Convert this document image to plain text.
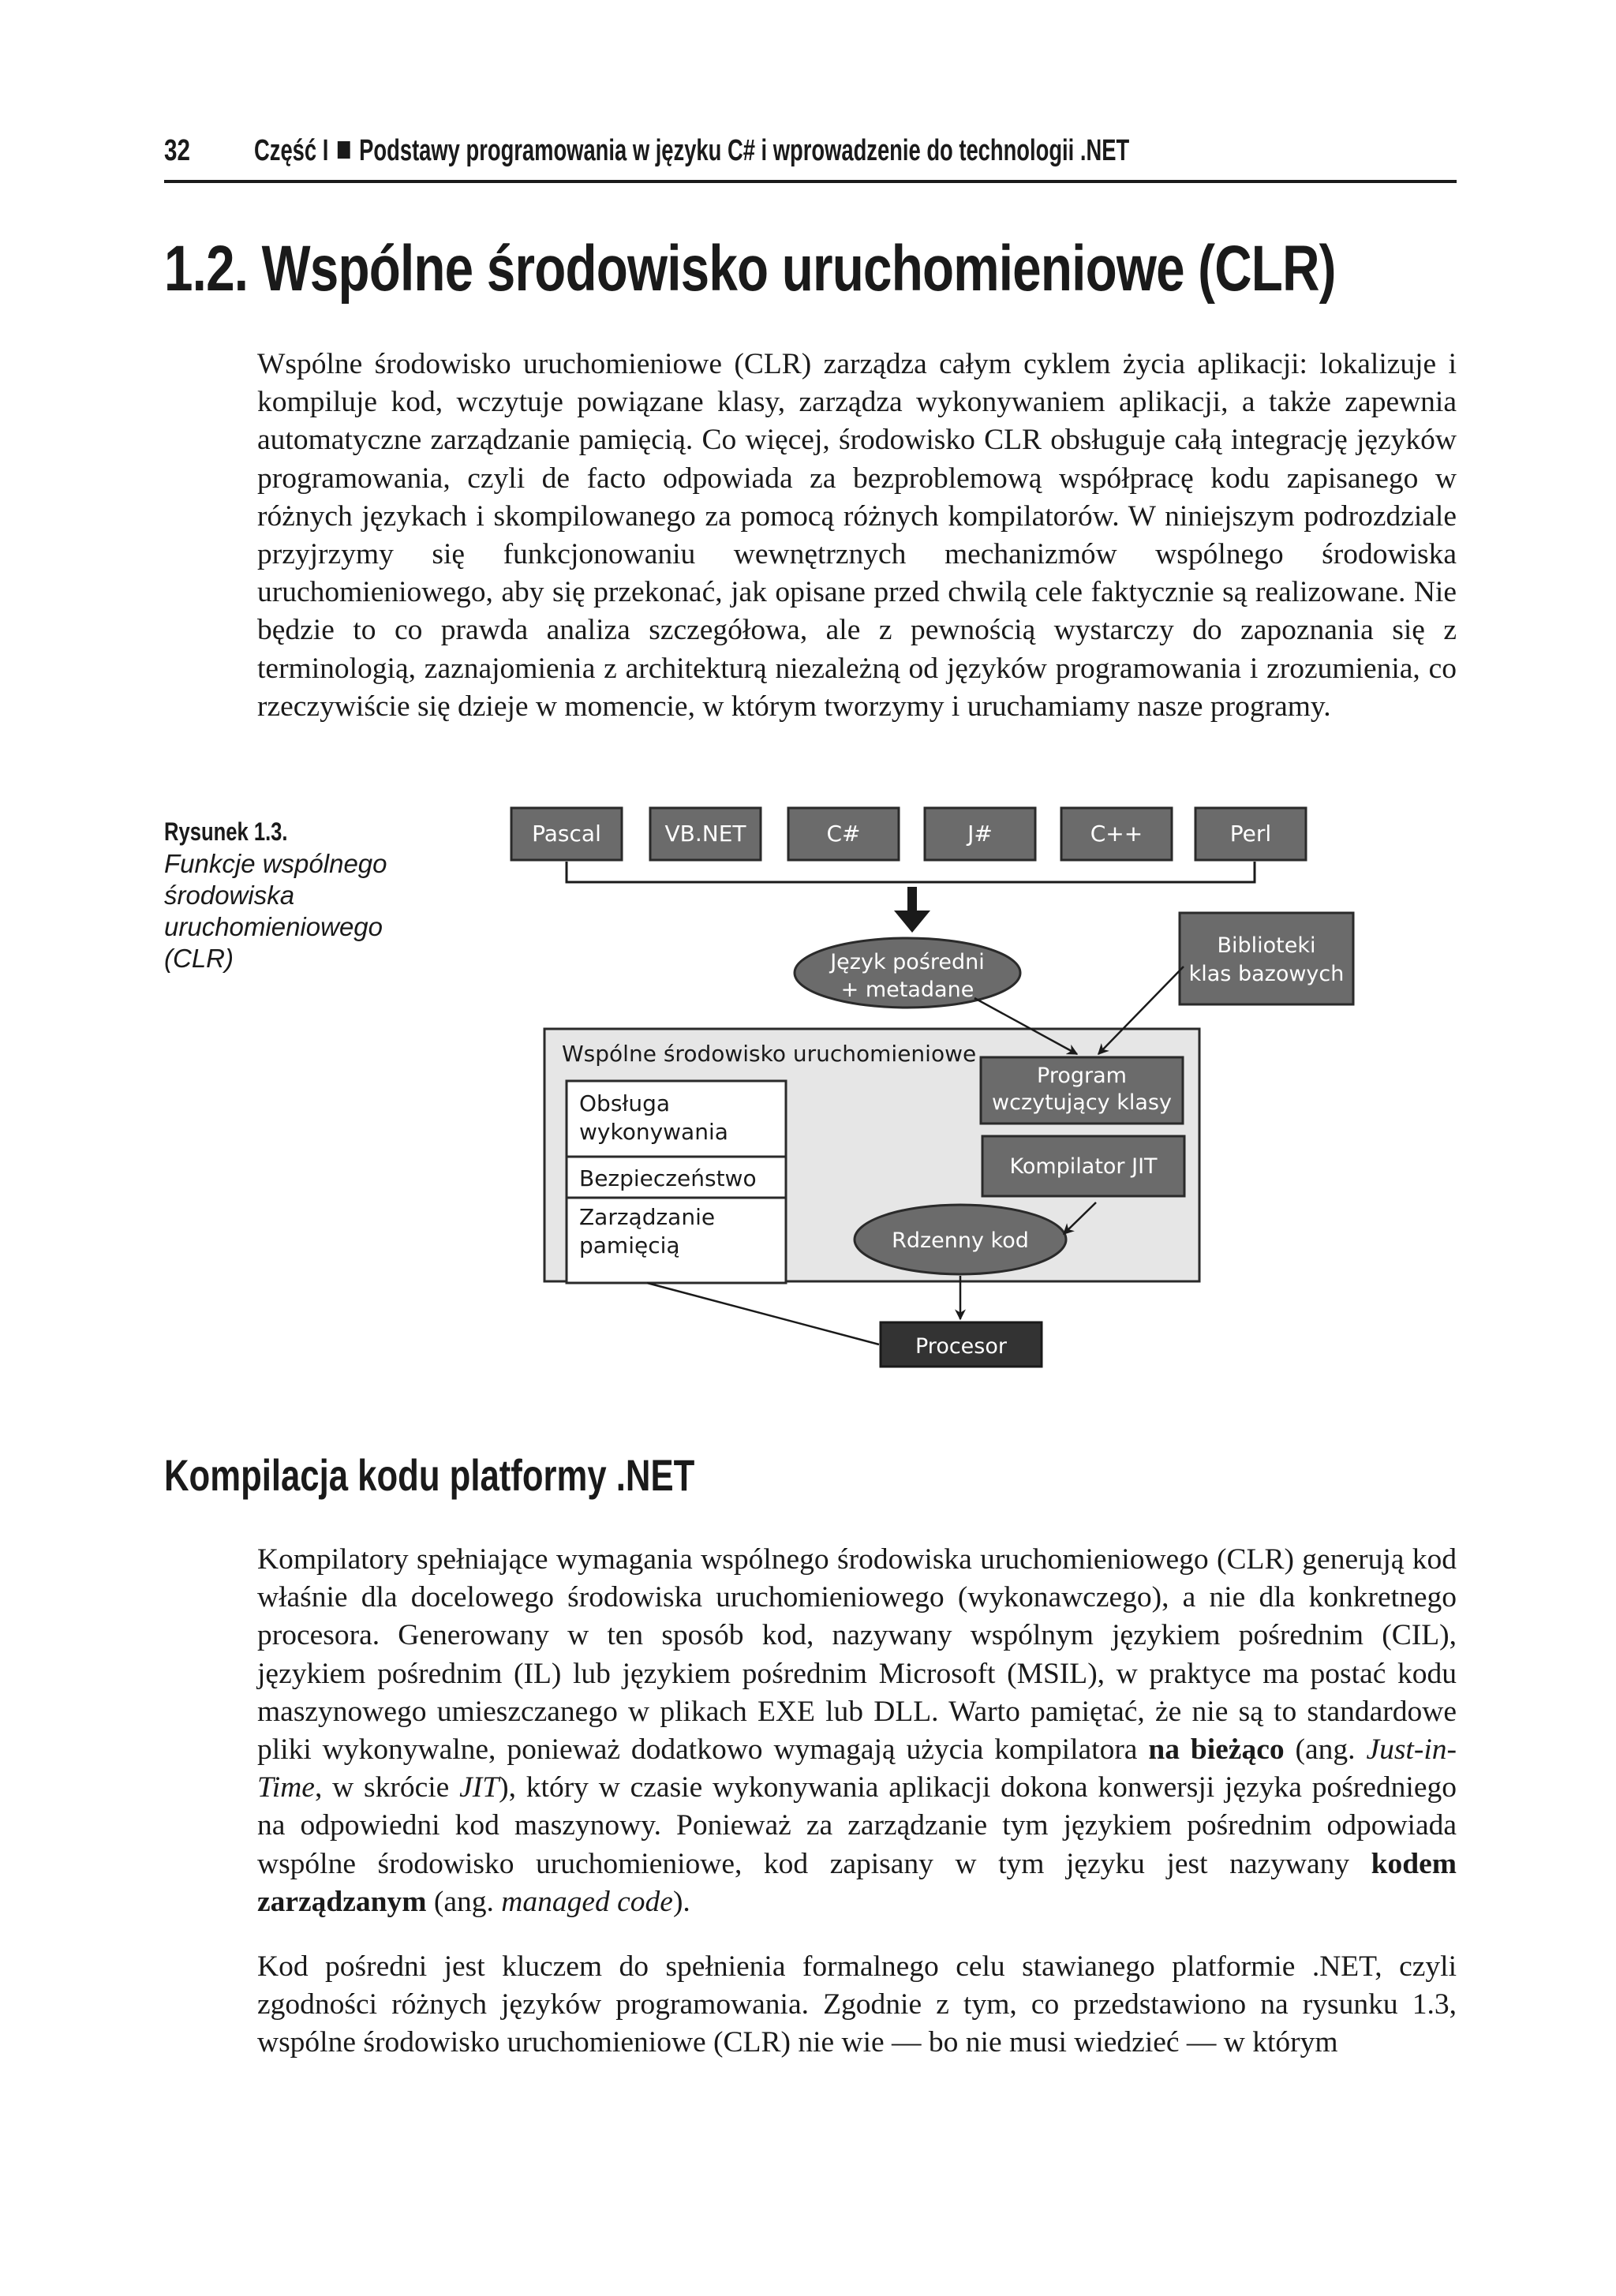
32 Część I Podstawy programowania w języku C# i wprowadzenie do technologii .NET
1.2. Wspólne środowisko uruchomieniowe (CLR)

Wspólne środowisko uruchomieniowe (CLR) zarządza całym cyklem życia aplikacji: lokalizuje i kompiluje kod, wczytuje powiązane klasy, zarządza wykonywaniem aplikacji, a także zapewnia automatyczne zarządzanie pamięcią. Co więcej, środowisko CLR obsługuje całą integrację języków programowania, czyli de facto odpowiada za bezproblemową współpracę kodu zapisanego w różnych językach i skompilowanego za pomocą różnych kompilatorów. W niniejszym podrozdziale przyjrzymy się funkcjonowaniu wewnętrznych mechanizmów wspólnego środowiska uruchomieniowego, aby się przekonać, jak opisane przed chwilą cele faktycznie są realizowane. Nie będzie to co prawda analiza szczegółowa, ale z pewnością wystarczy do zapoznania się z terminologią, zaznajomienia z architekturą niezależną od języków programowania i zrozumienia, co rzeczywiście się dzieje w momencie, w którym tworzymy i uruchamiamy nasze programy.

Rysunek 1.3.
Funkcje wspólnego środowiska uruchomieniowego (CLR)
Pascal	VB.NET	C#	J#	C++	Perl
Język pośredni
+ metadane
Biblioteki
klas bazowych
Wspólne środowisko uruchomieniowe
Obsługa
wykonywania
Bezpieczeństwo
Zarządzanie
pamięcią
Program
wczytujący klasy
Kompilator JIT
Rdzenny kod
Procesor
Kompilacja kodu platformy .NET

Kompilatory spełniające wymagania wspólnego środowiska uruchomieniowego (CLR) generują kod właśnie dla docelowego środowiska uruchomieniowego (wykonawczego), a nie dla konkretnego procesora. Generowany w ten sposób kod, nazywany wspólnym językiem pośrednim (CIL), językiem pośrednim (IL) lub językiem pośrednim Microsoft (MSIL), w praktyce ma postać kodu maszynowego umieszczanego w plikach EXE lub DLL. Warto pamiętać, że nie są to standardowe pliki wykonywalne, ponieważ dodatkowo wymagają użycia kompilatora na bieżąco (ang. Just-in-Time, w skrócie JIT), który w czasie wykonywania aplikacji dokona konwersji języka pośredniego na odpowiedni kod maszynowy. Ponieważ za zarządzanie tym językiem pośrednim odpowiada wspólne środowisko uruchomieniowe, kod zapisany w tym języku jest nazywany kodem zarządzanym (ang. managed code).

Kod pośredni jest kluczem do spełnienia formalnego celu stawianego platformie .NET, czyli zgodności różnych języków programowania. Zgodnie z tym, co przedstawiono na rysunku 1.3, wspólne środowisko uruchomieniowe (CLR) nie wie — bo nie musi wiedzieć — w którym
